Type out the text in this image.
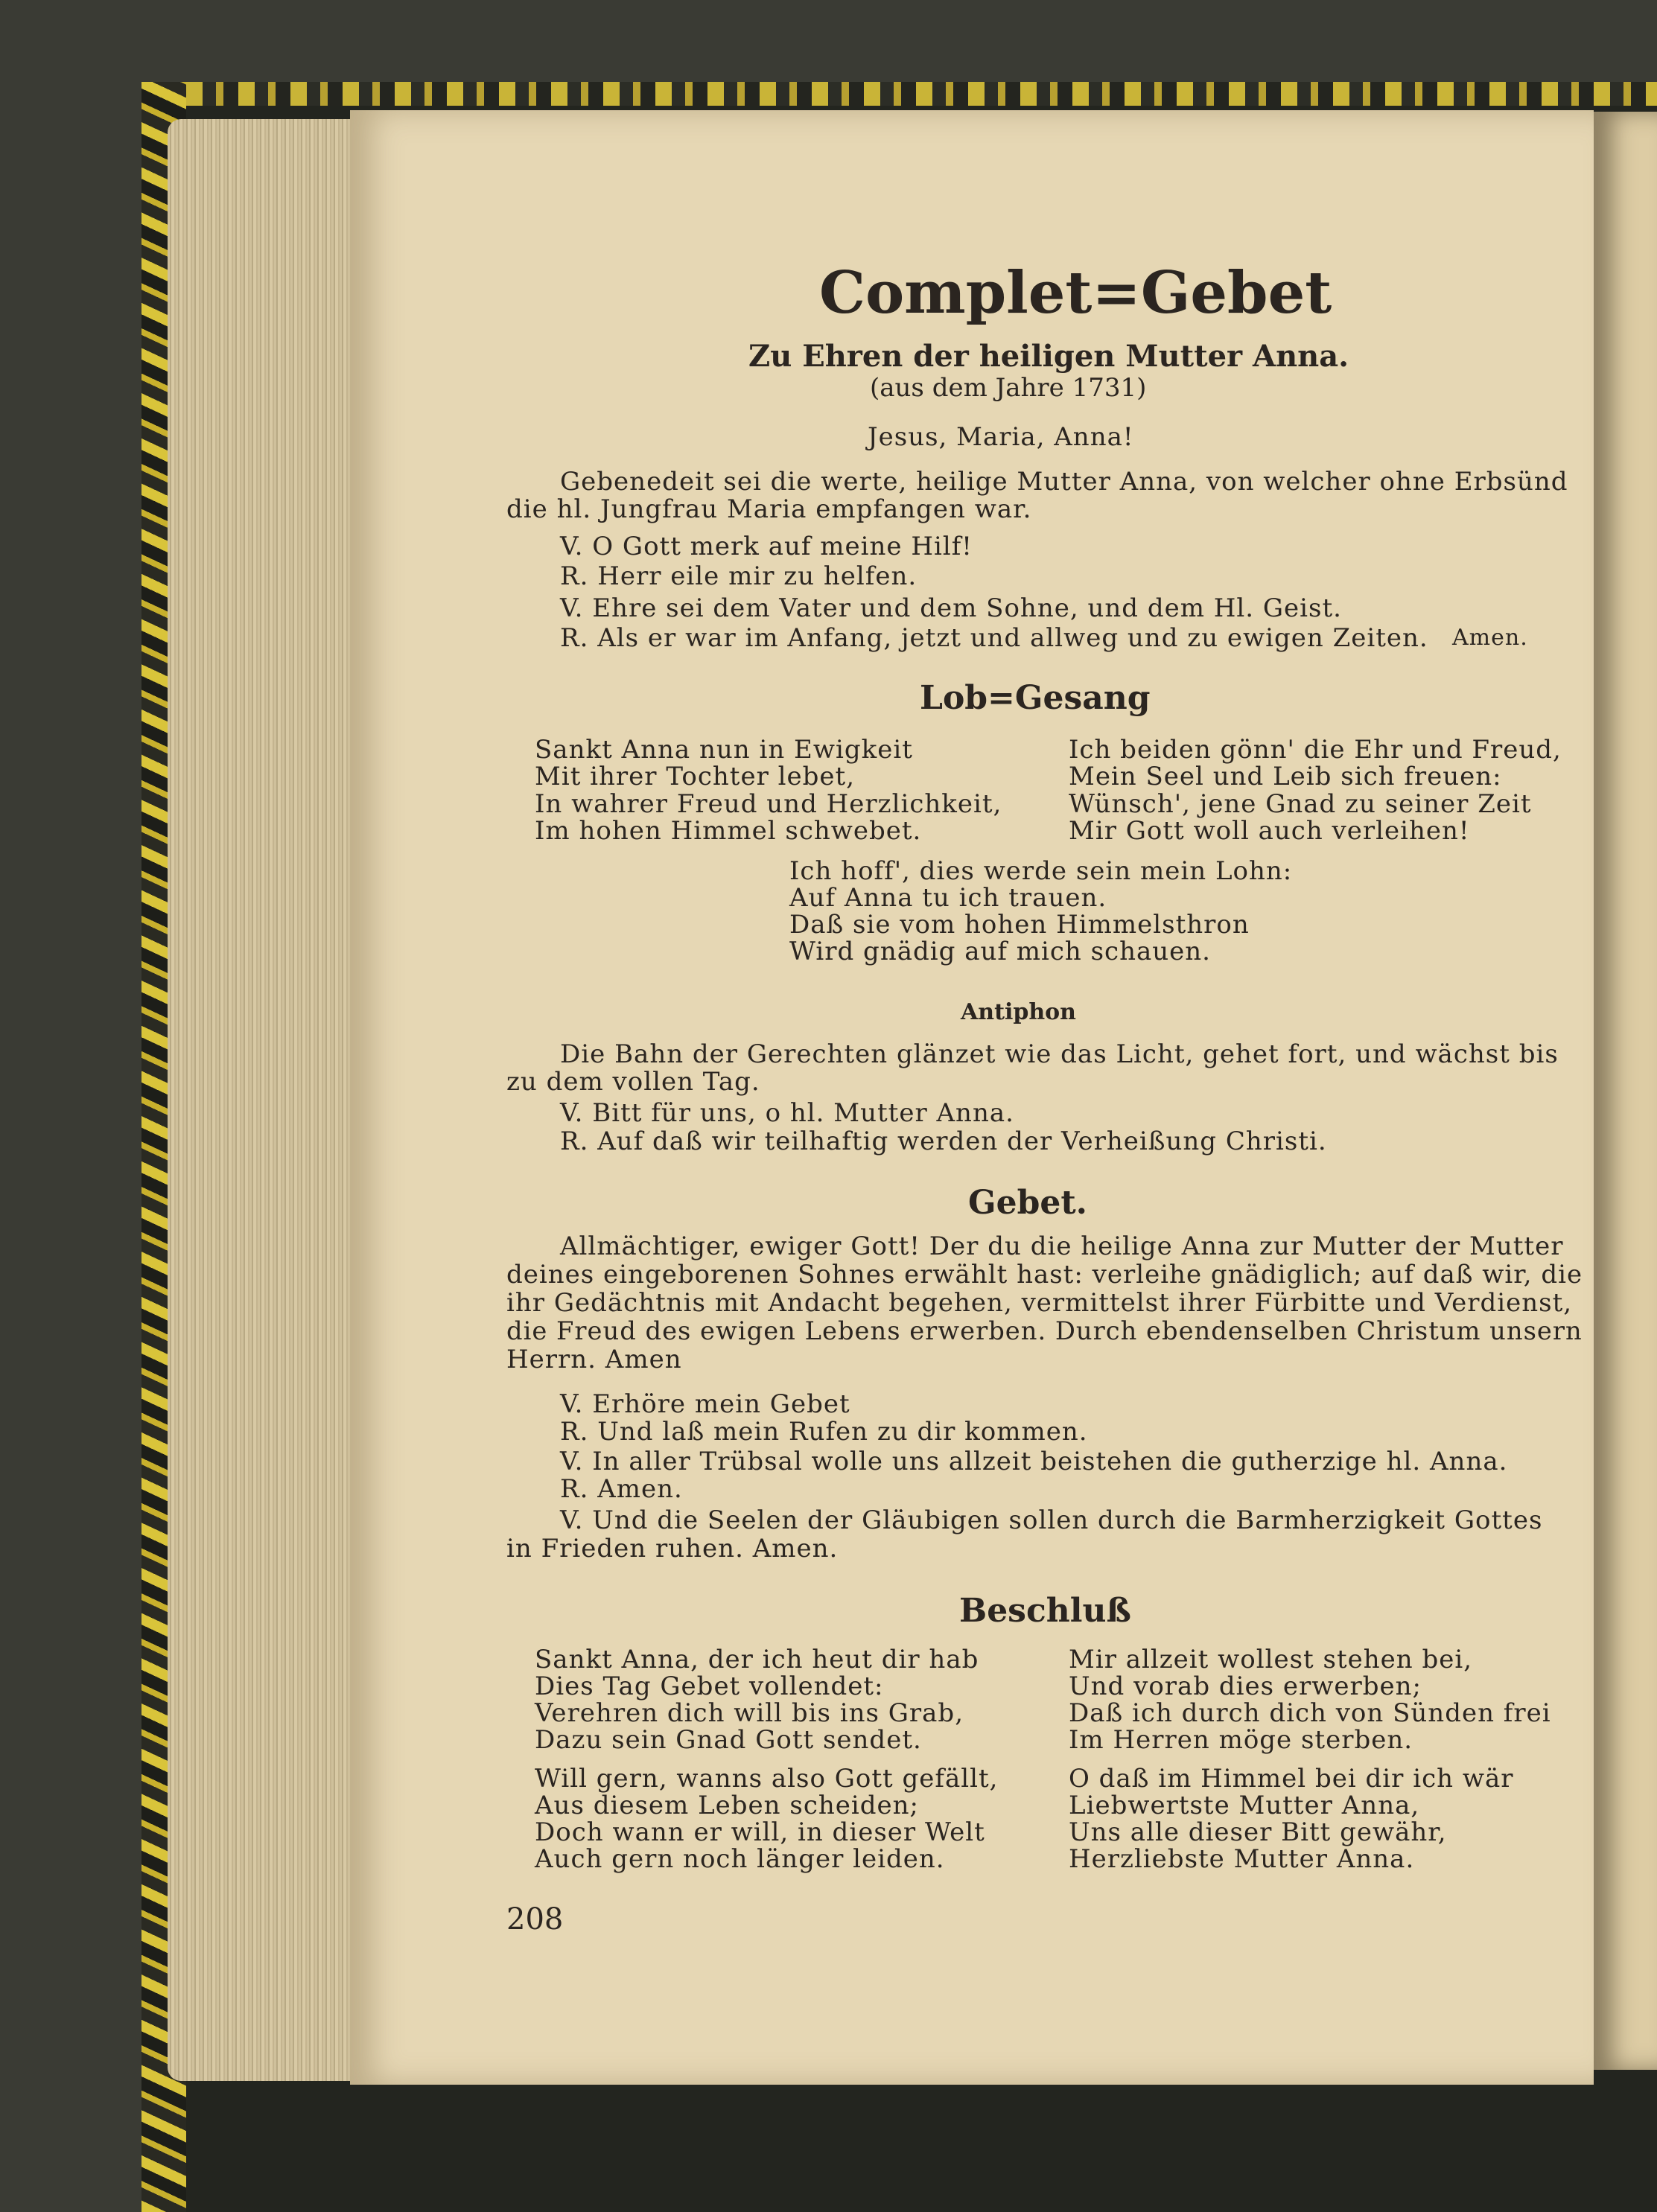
Complet=Gebet
Zu Ehren der heiligen Mutter Anna.
(aus dem Jahre 1731)
Jesus, Maria, Anna!
Gebenedeit sei die werte, heilige Mutter Anna, von welcher ohne Erbsünd
die hl. Jungfrau Maria empfangen war.
V. O Gott merk auf meine Hilf!
R. Herr eile mir zu helfen.
V. Ehre sei dem Vater und dem Sohne, und dem Hl. Geist.
R. Als er war im Anfang, jetzt und allweg und zu ewigen Zeiten. Amen.
Lob=Gesang
Sankt Anna nun in Ewigkeit
Mit ihrer Tochter lebet,
In wahrer Freud und Herzlichkeit,
Im hohen Himmel schwebet.
Ich beiden gönn' die Ehr und Freud,
Mein Seel und Leib sich freuen:
Wünsch', jene Gnad zu seiner Zeit
Mir Gott woll auch verleihen!
Ich hoff', dies werde sein mein Lohn:
Auf Anna tu ich trauen.
Daß sie vom hohen Himmelsthron
Wird gnädig auf mich schauen.
Antiphon
Die Bahn der Gerechten glänzet wie das Licht, gehet fort, und wächst bis
zu dem vollen Tag.
V. Bitt für uns, o hl. Mutter Anna.
R. Auf daß wir teilhaftig werden der Verheißung Christi.
Gebet.
Allmächtiger, ewiger Gott! Der du die heilige Anna zur Mutter der Mutter
deines eingeborenen Sohnes erwählt hast: verleihe gnädiglich; auf daß wir, die
ihr Gedächtnis mit Andacht begehen, vermittelst ihrer Fürbitte und Verdienst,
die Freud des ewigen Lebens erwerben. Durch ebendenselben Christum unsern
Herrn. Amen
V. Erhöre mein Gebet
R. Und laß mein Rufen zu dir kommen.
V. In aller Trübsal wolle uns allzeit beistehen die gutherzige hl. Anna.
R. Amen.
V. Und die Seelen der Gläubigen sollen durch die Barmherzigkeit Gottes
in Frieden ruhen. Amen.
Beschluß
Sankt Anna, der ich heut dir hab
Dies Tag Gebet vollendet:
Verehren dich will bis ins Grab,
Dazu sein Gnad Gott sendet.
Mir allzeit wollest stehen bei,
Und vorab dies erwerben;
Daß ich durch dich von Sünden frei
Im Herren möge sterben.
Will gern, wanns also Gott gefällt,
Aus diesem Leben scheiden;
Doch wann er will, in dieser Welt
Auch gern noch länger leiden.
O daß im Himmel bei dir ich wär
Liebwertste Mutter Anna,
Uns alle dieser Bitt gewähr,
Herzliebste Mutter Anna.
208
